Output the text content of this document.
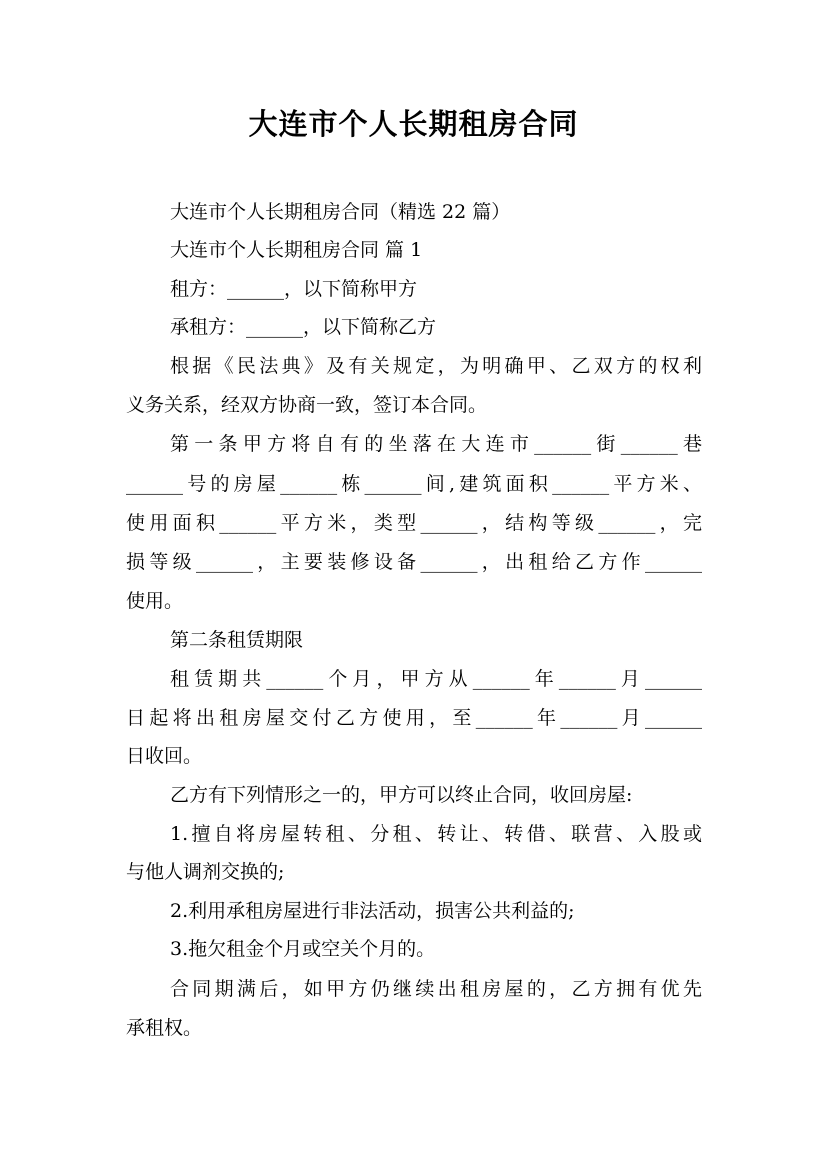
大连市个人长期租房合同
大连市个人长期租房合同（精选 22 篇）
大连市个人长期租房合同 篇 1
租方：______，以下简称甲方
承租方：______，以下简称乙方
根据《民法典》及有关规定，为明确甲、乙双方的权利
义务关系，经双方协商一致，签订本合同。
第一条甲方将自有的坐落在大连市______街______巷
______号的房屋______栋______间,建筑面积______平方米、
使用面积______平方米，类型______，结构等级______，完
损等级______，主要装修设备______，出租给乙方作______
使用。
第二条租赁期限
租赁期共______个月，甲方从______年______月______
日起将出租房屋交付乙方使用，至______年______月______
日收回。
乙方有下列情形之一的，甲方可以终止合同，收回房屋:
1.擅自将房屋转租、分租、转让、转借、联营、入股或
与他人调剂交换的;
2.利用承租房屋进行非法活动，损害公共利益的;
3.拖欠租金个月或空关个月的。
合同期满后，如甲方仍继续出租房屋的，乙方拥有优先
承租权。
